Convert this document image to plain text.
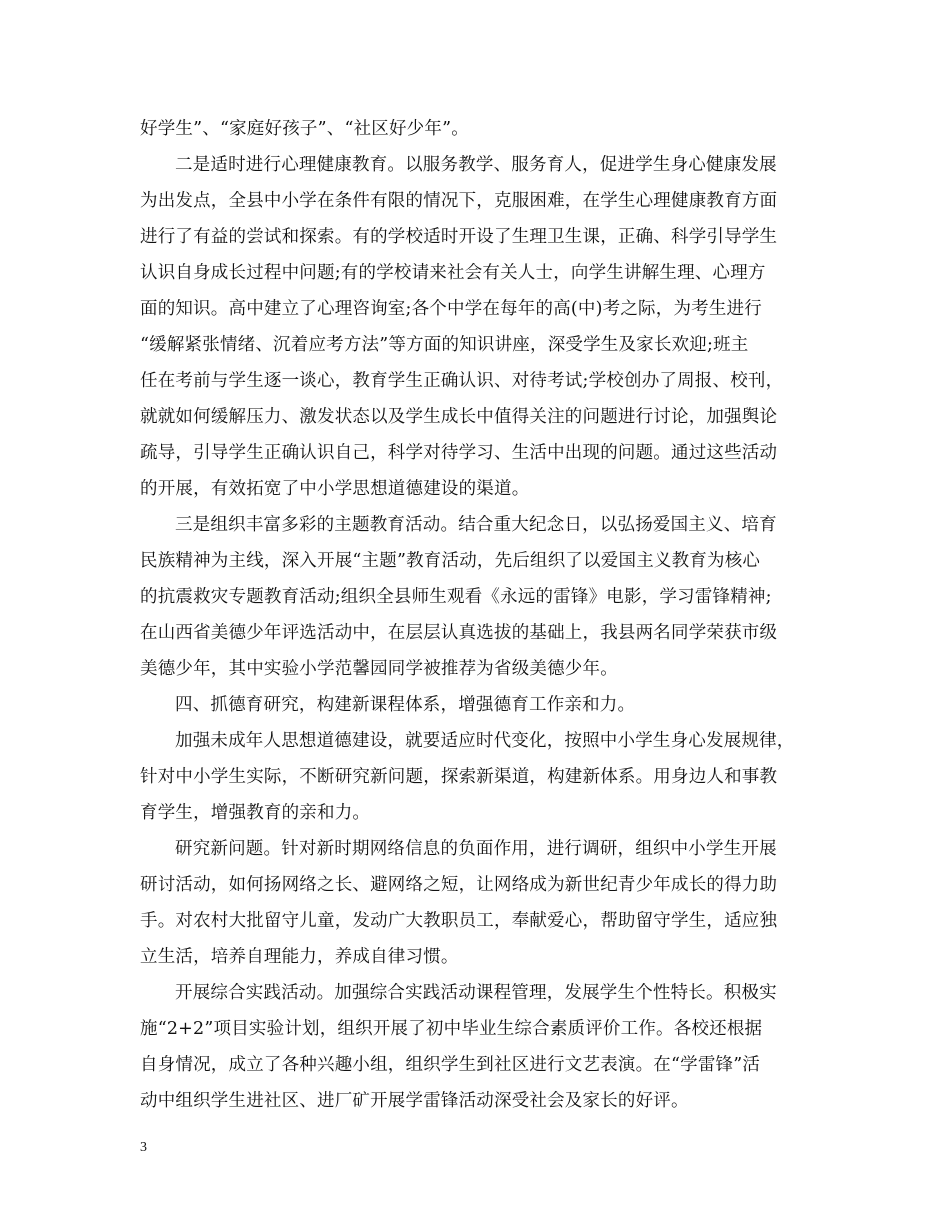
好学生”、“家庭好孩子”、“社区好少年”。
二是适时进行心理健康教育。以服务教学、服务育人，促进学生身心健康发展
为出发点，全县中小学在条件有限的情况下，克服困难，在学生心理健康教育方面
进行了有益的尝试和探索。有的学校适时开设了生理卫生课，正确、科学引导学生
认识自身成长过程中问题;有的学校请来社会有关人士，向学生讲解生理、心理方
面的知识。高中建立了心理咨询室;各个中学在每年的高(中)考之际，为考生进行
“缓解紧张情绪、沉着应考方法”等方面的知识讲座，深受学生及家长欢迎;班主
任在考前与学生逐一谈心，教育学生正确认识、对待考试;学校创办了周报、校刊，
就就如何缓解压力、激发状态以及学生成长中值得关注的问题进行讨论，加强舆论
疏导，引导学生正确认识自己，科学对待学习、生活中出现的问题。通过这些活动
的开展，有效拓宽了中小学思想道德建设的渠道。
三是组织丰富多彩的主题教育活动。结合重大纪念日，以弘扬爱国主义、培育
民族精神为主线，深入开展“主题”教育活动，先后组织了以爱国主义教育为核心
的抗震救灾专题教育活动;组织全县师生观看《永远的雷锋》电影，学习雷锋精神;
在山西省美德少年评选活动中，在层层认真选拔的基础上，我县两名同学荣获市级
美德少年，其中实验小学范馨园同学被推荐为省级美德少年。
四、抓德育研究，构建新课程体系，增强德育工作亲和力。
加强未成年人思想道德建设，就要适应时代变化，按照中小学生身心发展规律，
针对中小学生实际，不断研究新问题，探索新渠道，构建新体系。用身边人和事教
育学生，增强教育的亲和力。
研究新问题。针对新时期网络信息的负面作用，进行调研，组织中小学生开展
研讨活动，如何扬网络之长、避网络之短，让网络成为新世纪青少年成长的得力助
手。对农村大批留守儿童，发动广大教职员工，奉献爱心，帮助留守学生，适应独
立生活，培养自理能力，养成自律习惯。
开展综合实践活动。加强综合实践活动课程管理，发展学生个性特长。积极实
施“2+2”项目实验计划，组织开展了初中毕业生综合素质评价工作。各校还根据
自身情况，成立了各种兴趣小组，组织学生到社区进行文艺表演。在“学雷锋”活
动中组织学生进社区、进厂矿开展学雷锋活动深受社会及家长的好评。
3
